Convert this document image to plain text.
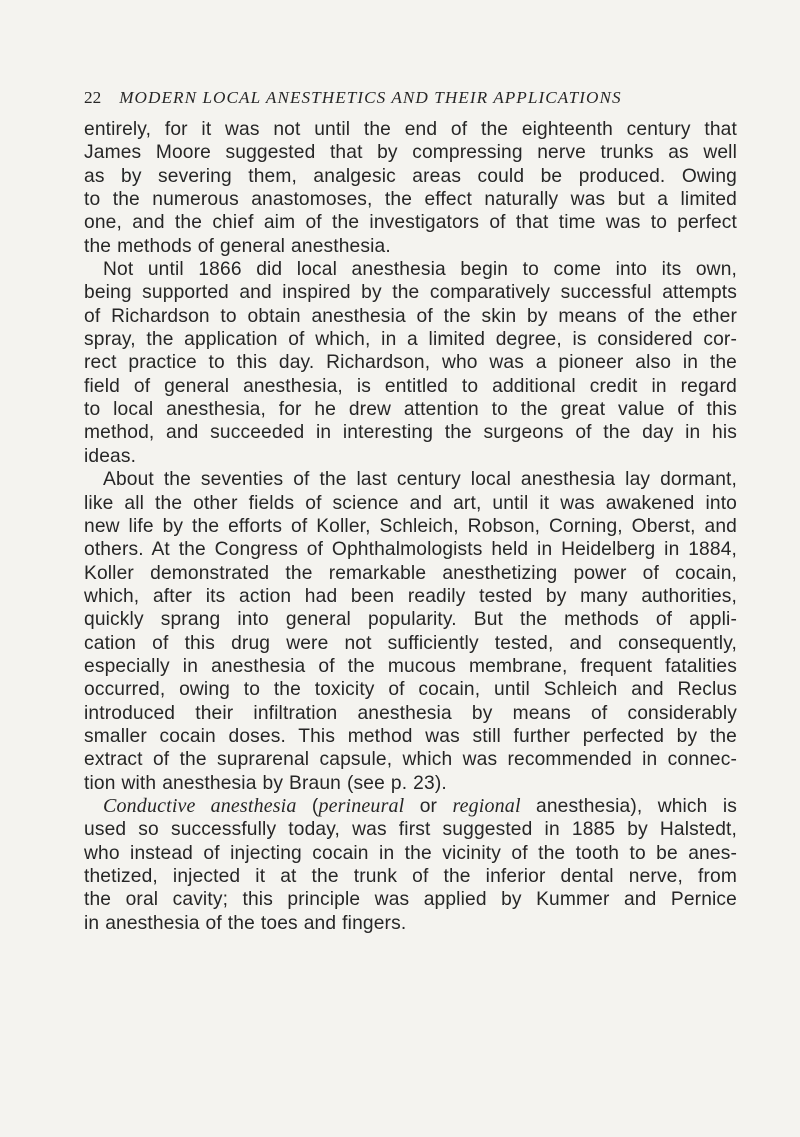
22 MODERN LOCAL ANESTHETICS AND THEIR APPLICATIONS
entirely, for it was not until the end of the eighteenth century that
James Moore suggested that by compressing nerve trunks as well
as by severing them, analgesic areas could be produced. Owing
to the numerous anastomoses, the effect naturally was but a limited
one, and the chief aim of the investigators of that time was to perfect
the methods of general anesthesia.
Not until 1866 did local anesthesia begin to come into its own,
being supported and inspired by the comparatively successful attempts
of Richardson to obtain anesthesia of the skin by means of the ether
spray, the application of which, in a limited degree, is considered cor-
rect practice to this day. Richardson, who was a pioneer also in the
field of general anesthesia, is entitled to additional credit in regard
to local anesthesia, for he drew attention to the great value of this
method, and succeeded in interesting the surgeons of the day in his
ideas.
About the seventies of the last century local anesthesia lay dormant,
like all the other fields of science and art, until it was awakened into
new life by the efforts of Koller, Schleich, Robson, Corning, Oberst, and
others. At the Congress of Ophthalmologists held in Heidelberg in 1884,
Koller demonstrated the remarkable anesthetizing power of cocain,
which, after its action had been readily tested by many authorities,
quickly sprang into general popularity. But the methods of appli-
cation of this drug were not sufficiently tested, and consequently,
especially in anesthesia of the mucous membrane, frequent fatalities
occurred, owing to the toxicity of cocain, until Schleich and Reclus
introduced their infiltration anesthesia by means of considerably
smaller cocain doses. This method was still further perfected by the
extract of the suprarenal capsule, which was recommended in connec-
tion with anesthesia by Braun (see p. 23).
Conductive anesthesia (perineural or regional anesthesia), which is
used so successfully today, was first suggested in 1885 by Halstedt,
who instead of injecting cocain in the vicinity of the tooth to be anes-
thetized, injected it at the trunk of the inferior dental nerve, from
the oral cavity; this principle was applied by Kummer and Pernice
in anesthesia of the toes and fingers.
